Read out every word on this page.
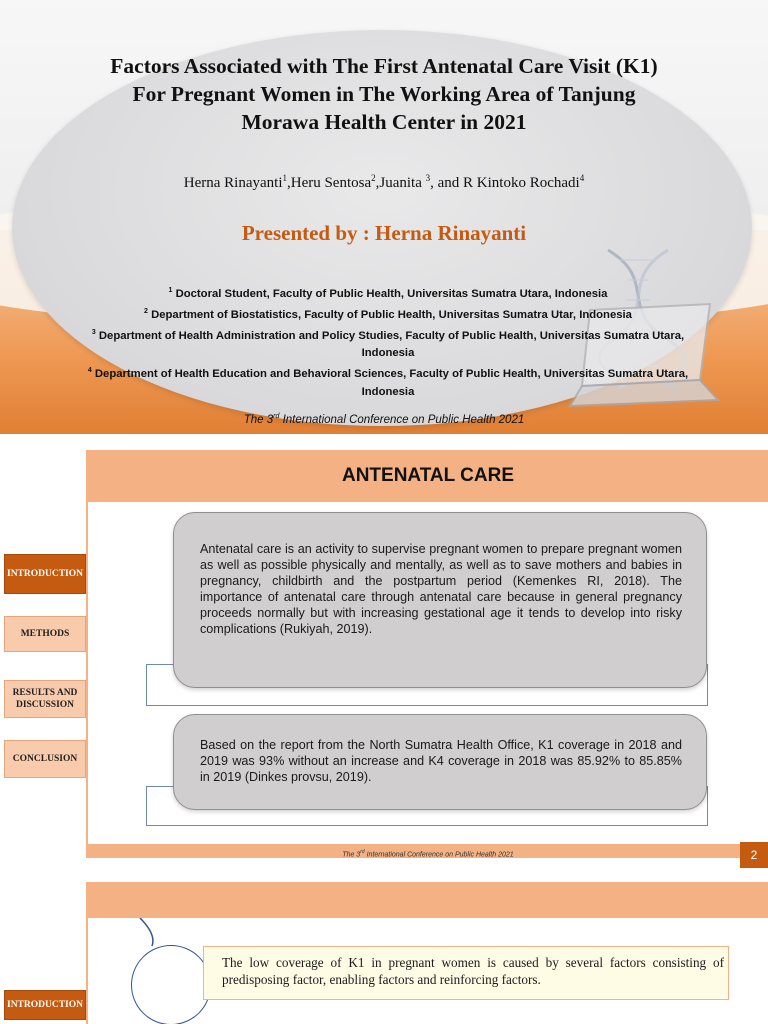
Factors Associated with The First Antenatal Care Visit (K1)
For Pregnant Women in The Working Area of Tanjung
Morawa Health Center in 2021
Herna Rinayanti$^1$,Heru Sentosa$^2$,Juanita $^3$, and R Kintoko Rochadi$^4$
Presented by : Herna Rinayanti

$^1$ Doctoral Student, Faculty of Public Health, Universitas Sumatra Utara, Indonesia

$^2$ Department of Biostatistics, Faculty of Public Health, Universitas Sumatra Utar, Indonesia

$^3$ Department of Health Administration and Policy Studies, Faculty of Public Health, Universitas Sumatra Utara, Indonesia

$^4$ Department of Health Education and Behavioral Sciences, Faculty of Public Health, Universitas Sumatra Utara, Indonesia

The 3rd International Conference on Public Health 2021
ANTENATAL CARE
INTRODUCTION
METHODS
RESULTS AND DISCUSSION
CONCLUSION
Antenatal care is an activity to supervise pregnant women to prepare pregnant women as well as possible physically and mentally, as well as to save mothers and babies in pregnancy, childbirth and the postpartum period (Kemenkes RI, 2018). The importance of antenatal care through antenatal care because in general pregnancy proceeds normally but with increasing gestational age it tends to develop into risky complications (Rukiyah, 2019).
Based on the report from the North Sumatra Health Office, K1 coverage in 2018 and 2019 was 93% without an increase and K4 coverage in 2018 was 85.92% to 85.85% in 2019 (Dinkes provsu, 2019).
The 3rd International Conference on Public Health 2021	2
The low coverage of K1 in pregnant women is caused by several factors consisting of predisposing factor, enabling factors and reinforcing factors.
INTRODUCTION
